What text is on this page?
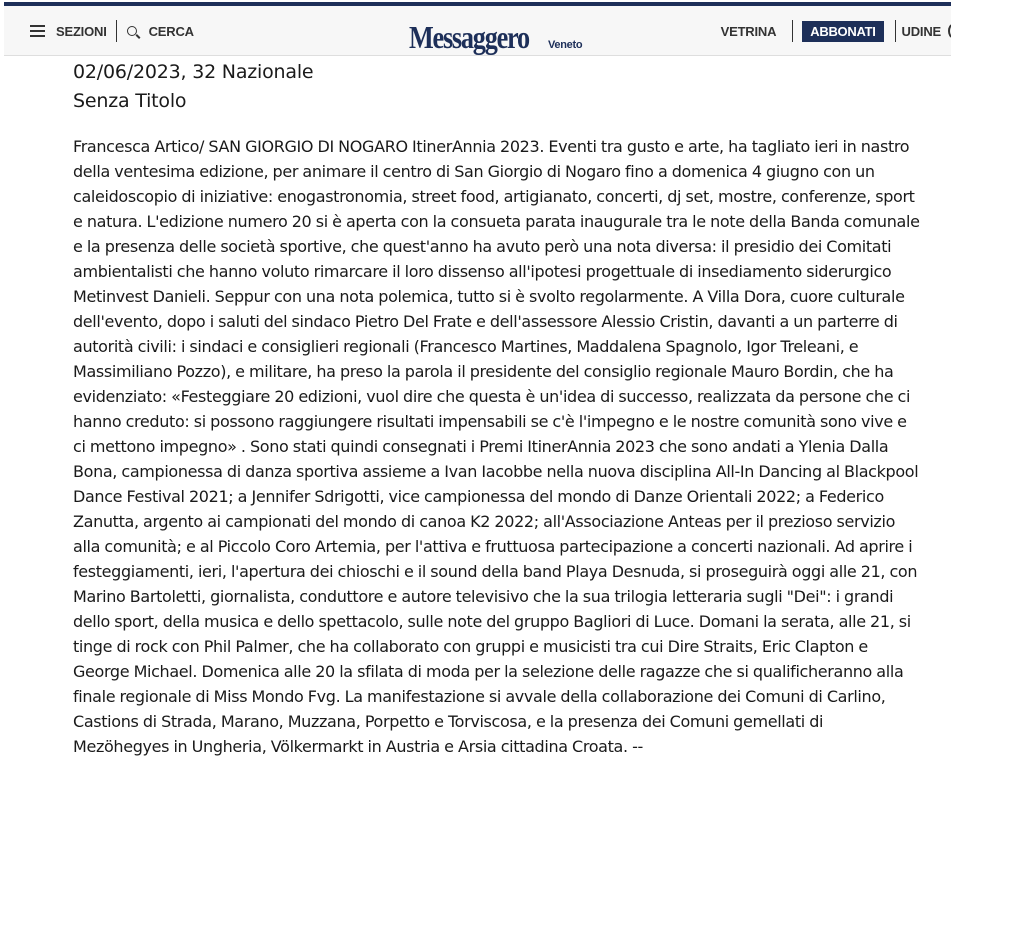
SEZIONI	CERCA	Messaggero Veneto
VETRINA	ABBONATI	UDINE
02/06/2023, 32 Nazionale
Senza Titolo
Francesca Artico/ SAN GIORGIO DI NOGARO ItinerAnnia 2023. Eventi tra gusto e arte, ha tagliato ieri in nastro della ventesima edizione, per animare il centro di San Giorgio di Nogaro fino a domenica 4 giugno con un caleidoscopio di iniziative: enogastronomia, street food, artigianato, concerti, dj set, mostre, conferenze, sport e natura. L'edizione numero 20 si è aperta con la consueta parata inaugurale tra le note della Banda comunale e la presenza delle società sportive, che quest'anno ha avuto però una nota diversa: il presidio dei Comitati ambientalisti che hanno voluto rimarcare il loro dissenso all'ipotesi progettuale di insediamento siderurgico Metinvest Danieli. Seppur con una nota polemica, tutto si è svolto regolarmente. A Villa Dora, cuore culturale dell'evento, dopo i saluti del sindaco Pietro Del Frate e dell'assessore Alessio Cristin, davanti a un parterre di autorità civili: i sindaci e consiglieri regionali (Francesco Martines, Maddalena Spagnolo, Igor Treleani, e Massimiliano Pozzo), e militare, ha preso la parola il presidente del consiglio regionale Mauro Bordin, che ha evidenziato: «Festeggiare 20 edizioni, vuol dire che questa è un'idea di successo, realizzata da persone che ci hanno creduto: si possono raggiungere risultati impensabili se c'è l'impegno e le nostre comunità sono vive e ci mettono impegno» . Sono stati quindi consegnati i Premi ItinerAnnia 2023 che sono andati a Ylenia Dalla Bona, campionessa di danza sportiva assieme a Ivan Iacobbe nella nuova disciplina All-In Dancing al Blackpool Dance Festival 2021; a Jennifer Sdrigotti, vice campionessa del mondo di Danze Orientali 2022; a Federico Zanutta, argento ai campionati del mondo di canoa K2 2022; all'Associazione Anteas per il prezioso servizio alla comunità; e al Piccolo Coro Artemia, per l'attiva e fruttuosa partecipazione a concerti nazionali. Ad aprire i festeggiamenti, ieri, l'apertura dei chioschi e il sound della band Playa Desnuda, si proseguirà oggi alle 21, con Marino Bartoletti, giornalista, conduttore e autore televisivo che la sua trilogia letteraria sugli "Dei": i grandi dello sport, della musica e dello spettacolo, sulle note del gruppo Bagliori di Luce. Domani la serata, alle 21, si tinge di rock con Phil Palmer, che ha collaborato con gruppi e musicisti tra cui Dire Straits, Eric Clapton e George Michael. Domenica alle 20 la sfilata di moda per la selezione delle ragazze che si qualificheranno alla finale regionale di Miss Mondo Fvg. La manifestazione si avvale della collaborazione dei Comuni di Carlino, Castions di Strada, Marano, Muzzana, Porpetto e Torviscosa, e la presenza dei Comuni gemellati di Mezöhegyes in Ungheria, Völkermarkt in Austria e Arsia cittadina Croata. --
